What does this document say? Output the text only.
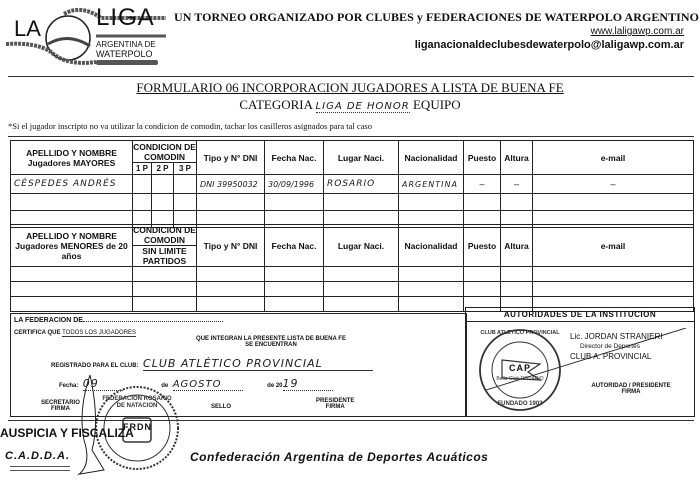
LA LIGA
ARGENTINA DE
WATERPOLO
UN TORNEO ORGANIZADO POR CLUBES y FEDERACIONES DE WATERPOLO ARGENTINO
www.laligawp.com.ar
liganacionaldeclubesdewaterpolo@laligawp.com.ar
FORMULARIO 06 INCORPORACION JUGADORES A LISTA DE BUENA FE
CATEGORIA LIGA DE HONOR EQUIPO
*Si el jugador inscripto no va utilizar la condicion de comodin, tachar los casilleros asignados para tal caso
APELLIDO Y NOMBRE
Jugadores MAYORES	CONDICION DE COMODIN			Tipo y N° DNI	Fecha Nac.	Lugar Naci.	Nacionalidad	Puesto	Altura	e-mail
	1 P	2 P	3 P							
CÉSPEDES ANDRÉS				DNI 39950032	30/09/1996	ROSARIO	ARGENTINA	–	–	–

APELLIDO Y NOMBRE
Jugadores MENORES de 20 años	CONDICION DE COMODIN	Tipo y N° DNI	Fecha Nac.	Lugar Naci.	Nacionalidad	Puesto	Altura	e-mail
	SIN LIMITE PARTIDOS							

LA FEDERACION DE
CERTIFICA QUE TODOS LOS JUGADORES
QUE INTEGRAN LA PRESENTE LISTA DE BUENA FE
SE ENCUENTRAN
REGISTRADO PARA EL CLUB: CLUB ATLÉTICO PROVINCIAL
Fecha: 09	de AGOSTO	de 2019
SECRETARIO
FIRMA	SELLO
PRESIDENTE
FIRMA
FEDERACION ROSARIO DE NATACION
FRDN
AUTORIDADES DE LA INSTITUCION
CLUB ATLETICO PROVINCIAL
CAP
Bello Club ROSARIO
FUNDADO 1903
Lic. JORDAN STRANIERI
Director de Deportes
CLUB A. PROVINCIAL
AUTORIDAD / PRESIDENTE
FIRMA
AUSPICIA Y FISCALIZA
C.A.D.D.A.	Confederación Argentina de Deportes Acuáticos
